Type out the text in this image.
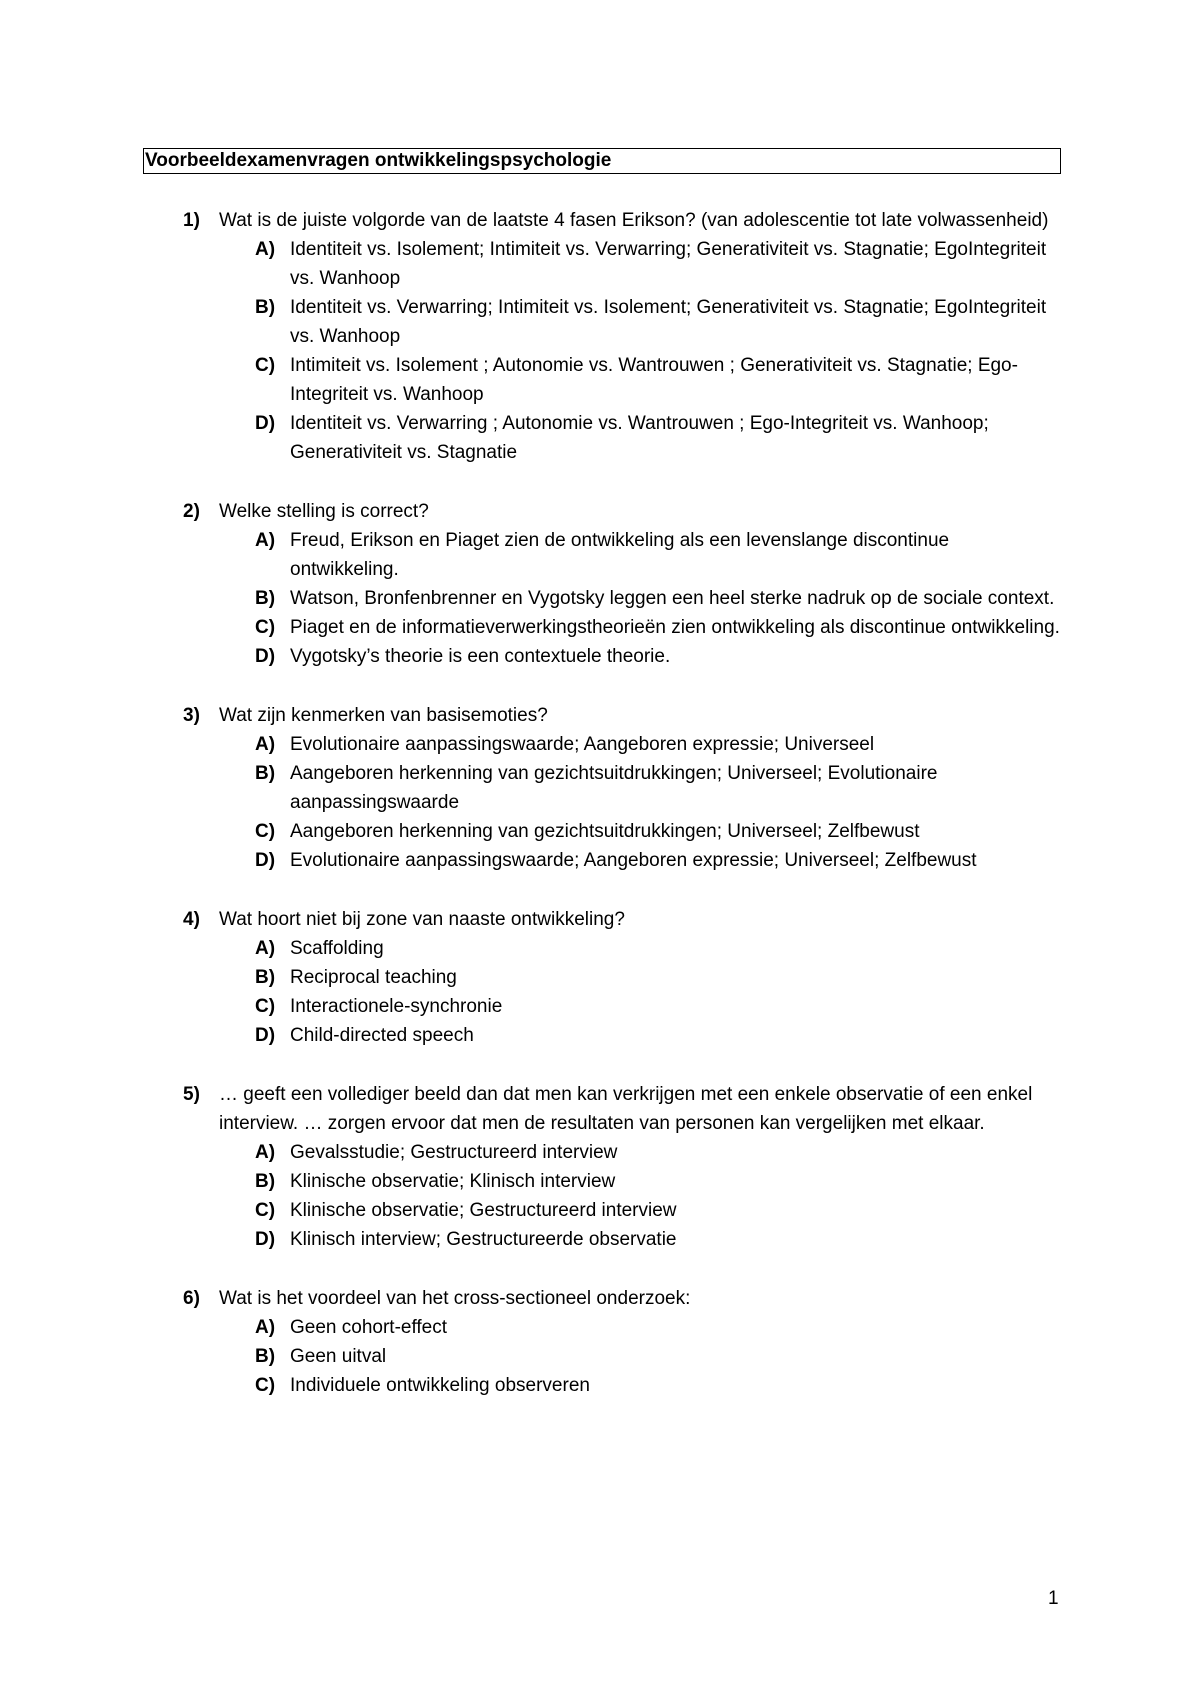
Voorbeeldexamenvragen ontwikkelingspsychologie
1) Wat is de juiste volgorde van de laatste 4 fasen Erikson? (van adolescentie tot late volwassenheid)
A) Identiteit vs. Isolement; Intimiteit vs. Verwarring; Generativiteit vs. Stagnatie; EgoIntegriteit vs. Wanhoop
B) Identiteit vs. Verwarring; Intimiteit vs. Isolement; Generativiteit vs. Stagnatie; EgoIntegriteit vs. Wanhoop
C) Intimiteit vs. Isolement ; Autonomie vs. Wantrouwen ; Generativiteit vs. Stagnatie; Ego-Integriteit vs. Wanhoop
D) Identiteit vs. Verwarring ; Autonomie vs. Wantrouwen ; Ego-Integriteit vs. Wanhoop; Generativiteit vs. Stagnatie
2) Welke stelling is correct?
A) Freud, Erikson en Piaget zien de ontwikkeling als een levenslange discontinue ontwikkeling.
B) Watson, Bronfenbrenner en Vygotsky leggen een heel sterke nadruk op de sociale context.
C) Piaget en de informatieverwerkingstheorieën zien ontwikkeling als discontinue ontwikkeling.
D) Vygotsky’s theorie is een contextuele theorie.
3) Wat zijn kenmerken van basisemoties?
A) Evolutionaire aanpassingswaarde; Aangeboren expressie; Universeel
B) Aangeboren herkenning van gezichtsuitdrukkingen; Universeel; Evolutionaire aanpassingswaarde
C) Aangeboren herkenning van gezichtsuitdrukkingen; Universeel; Zelfbewust
D) Evolutionaire aanpassingswaarde; Aangeboren expressie; Universeel; Zelfbewust
4) Wat hoort niet bij zone van naaste ontwikkeling?
A) Scaffolding
B) Reciprocal teaching
C) Interactionele-synchronie
D) Child-directed speech
5) … geeft een vollediger beeld dan dat men kan verkrijgen met een enkele observatie of een enkel interview. … zorgen ervoor dat men de resultaten van personen kan vergelijken met elkaar.
A) Gevalsstudie; Gestructureerd interview
B) Klinische observatie; Klinisch interview
C) Klinische observatie; Gestructureerd interview
D) Klinisch interview; Gestructureerde observatie
6) Wat is het voordeel van het cross-sectioneel onderzoek:
A) Geen cohort-effect
B) Geen uitval
C) Individuele ontwikkeling observeren
1
